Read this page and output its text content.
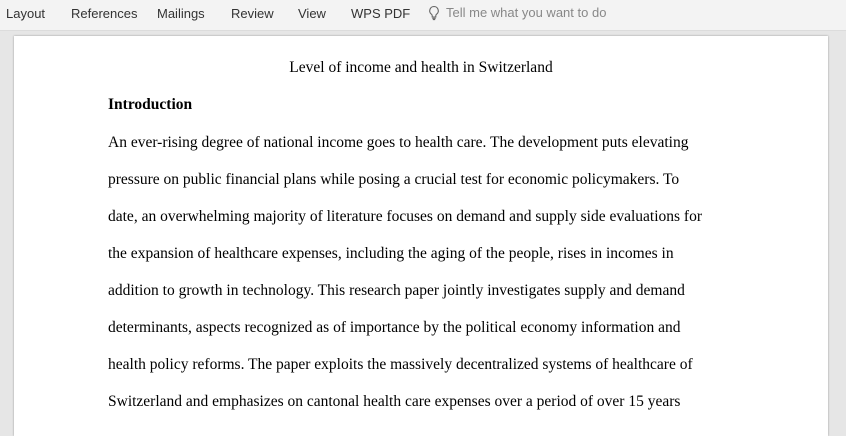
Layout References Mailings Review View WPS PDF	Tell me what you want to do
Level of income and health in Switzerland
Introduction
An ever-rising degree of national income goes to health care. The development puts elevating
pressure on public financial plans while posing a crucial test for economic policymakers. To
date, an overwhelming majority of literature focuses on demand and supply side evaluations for
the expansion of healthcare expenses, including the aging of the people, rises in incomes in
addition to growth in technology. This research paper jointly investigates supply and demand
determinants, aspects recognized as of importance by the political economy information and
health policy reforms. The paper exploits the massively decentralized systems of healthcare of
Switzerland and emphasizes on cantonal health care expenses over a period of over 15 years
